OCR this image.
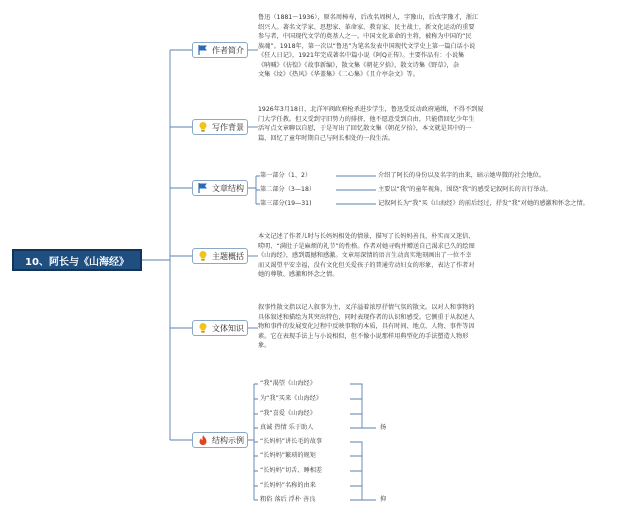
10、阿长与《山海经》
作者简介
鲁迅（1881～1936），原名周樟寿，后改名周树人，字豫山，后改字豫才，浙江
绍兴人。著名文学家、思想家、革命家、教育家、民主战士，新文化运动的重要
参与者，中国现代文学的奠基人之一。中国文化革命的主将，被称为中国的“民
族魂”。1918年，第一次以“鲁迅”为笔名发表中国现代文学史上第一篇白话小说
《狂人日记》，1921年完成著名中篇小说《阿Q正传》。主要作品有：小说集
《呐喊》《彷徨》《故事新编》，散文集《朝花夕拾》，散文诗集《野草》，杂
文集《坟》《热风》《华盖集》《二心集》《且介亭杂文》等。
写作背景
1926年3月18日，北洋军阀政府枪杀进步学生，鲁迅受反动政府通缉，不得不到厦
门大学任教。但又受到守旧势力的排挤，他不愿意受到自由，只能借回忆少年生
活写点文章聊以自慰，于是写出了回忆散文集《朝花夕拾》，本文就是其中的一
篇，回忆了童年时期自己与阿长相处的一段生活。
文章结构
第一部分（1、2）	介绍了阿长的身份以及名字的由来，暗示她卑微的社会地位。
第二部分（3—18）	主要以“我”的童年视角，围绕“我”的感受记叙阿长的言行举动。
第三部分(19—31)	记叙阿长为“我”买《山海经》的前后经过，抒发“我”对她的感激和怀念之情。
主题概括
本文记述了作者儿时与长妈妈相处的情景，描写了长妈妈善良、朴实而又迷信、
唠叨、“满肚子是麻烦的礼节”的性格。作者对她寻购并赠送自己渴求已久的绘图
《山海经》，感到震撼和感激。文章用深情的语言生动真实地刻画出了一位不幸
而又渴望平安幸福，没有文化但关爱孩子的普通劳动妇女的形象，表达了作者对
她的尊敬、感激和怀念之情。
文体知识
叙事性散文指以记人叙事为主，叉洋溢着浓厚抒情气氛的散文。以对人和事物的
具体叙述和描绘为其突出特色，同时表现作者的认识和感受。它侧重于从叙述人
物和事件的发展变化过程中反映事物的本质，具有时间、地点、人物、事件等因
素。它在表现手法上与小说相似，但不像小说那样用典型化的手法塑造人物形
象。
结构示例
“我”渴望《山海经》
为“我”买来《山海经》
“我”喜爱《山海经》
真诚 热情 乐于助人
“长妈妈”讲长毛的故事
“长妈妈”繁琐的规矩
“长妈妈”切舌、睡相差
“长妈妈”名称的由来
粗俗 落后 浮朴 善良
扬
抑
